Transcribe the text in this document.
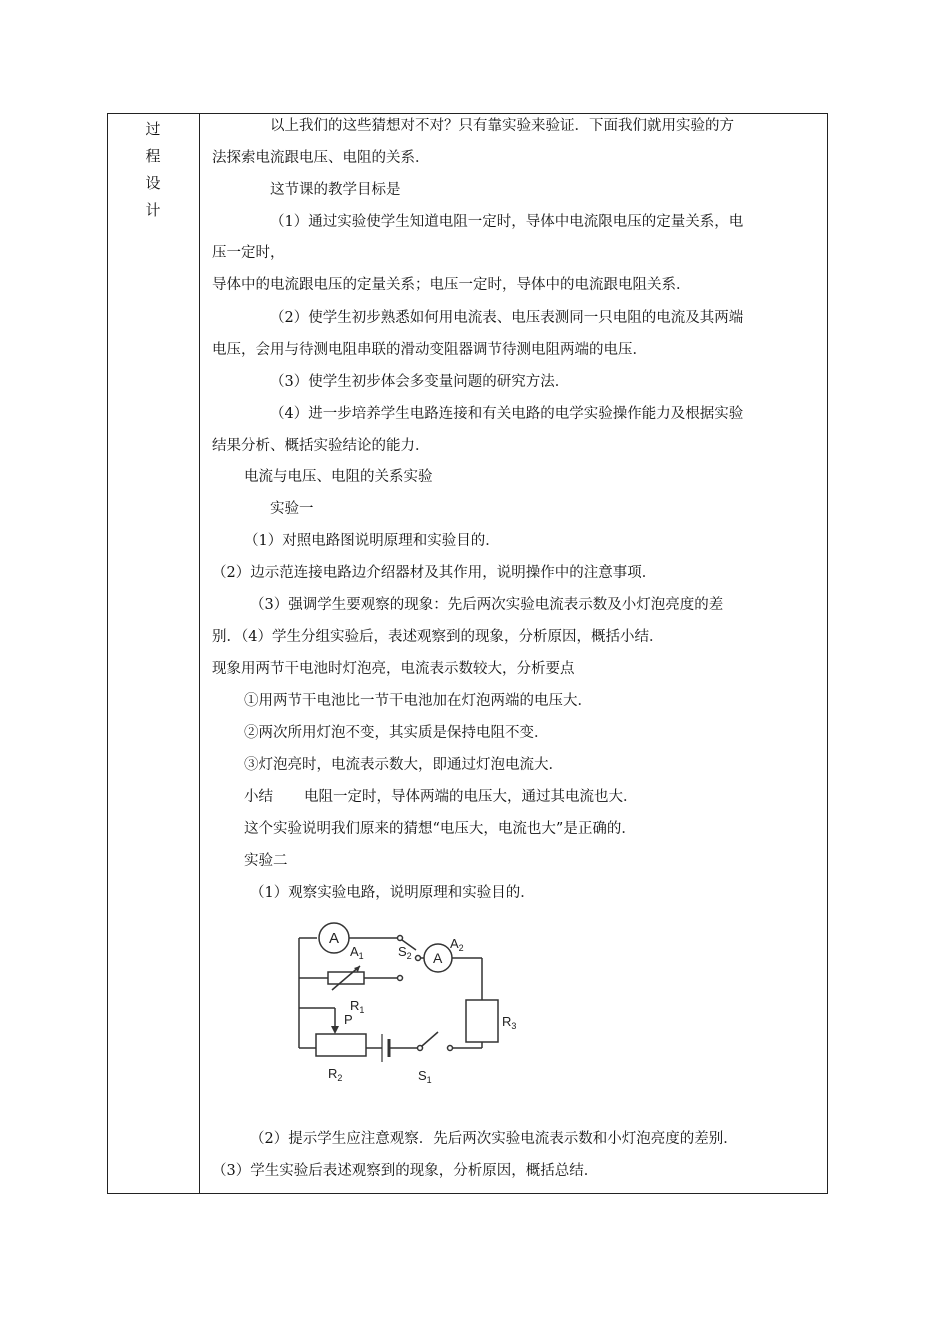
过
程
设
计
以上我们的这些猜想对不对？只有靠实验来验证．下面我们就用实验的方
法探索电流跟电压、电阻的关系．
这节课的教学目标是
（1）通过实验使学生知道电阻一定时，导体中电流限电压的定量关系，电
压一定时，
导体中的电流跟电压的定量关系；电压一定时，导体中的电流跟电阻关系．
（2）使学生初步熟悉如何用电流表、电压表测同一只电阻的电流及其两端
电压，会用与待测电阻串联的滑动变阻器调节待测电阻两端的电压．
（3）使学生初步体会多变量问题的研究方法．
（4）进一步培养学生电路连接和有关电路的电学实验操作能力及根据实验
结果分析、概括实验结论的能力．
电流与电压、电阻的关系实验
实验一
（1）对照电路图说明原理和实验目的．
（2）边示范连接电路边介绍器材及其作用，说明操作中的注意事项．
（3）强调学生要观察的现象：先后两次实验电流表示数及小灯泡亮度的差
别．（4）学生分组实验后，表述观察到的现象，分析原因，概括小结．
现象用两节干电池时灯泡亮，电流表示数较大，分析要点
①用两节干电池比一节干电池加在灯泡两端的电压大．
②两次所用灯泡不变，其实质是保持电阻不变．
③灯泡亮时，电流表示数大，即通过灯泡电流大．
小结 电阻一定时，导体两端的电压大，通过其电流也大．
这个实验说明我们原来的猜想“电压大，电流也大”是正确的．
实验二
（1）观察实验电路，说明原理和实验目的．
A
A
$A_1$
$A_2$
$S_2$
$R_1$
$R_3$
P
$R_2$	$S_1$
（2）提示学生应注意观察．先后两次实验电流表示数和小灯泡亮度的差别．
（3）学生实验后表述观察到的现象，分析原因，概括总结．
